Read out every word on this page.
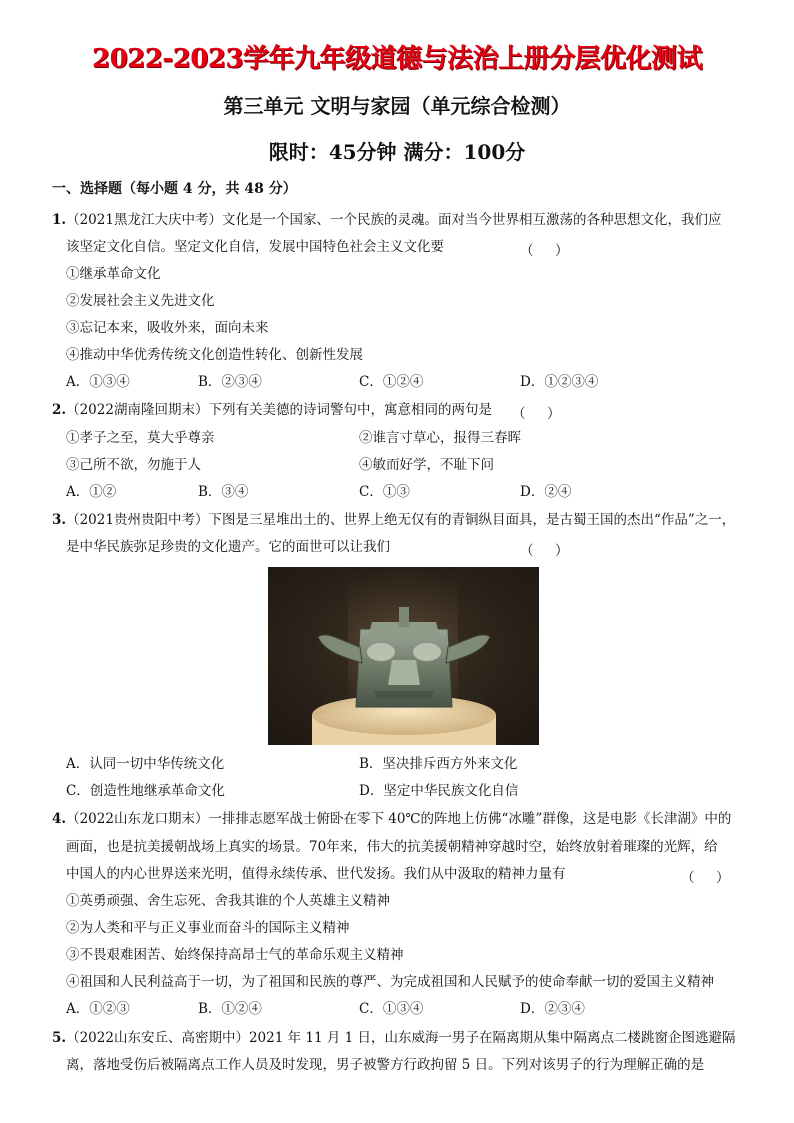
2022-2023学年九年级道德与法治上册分层优化测试
第三单元 文明与家园（单元综合检测）
限时：45分钟 满分：100分
一、选择题（每小题 4 分，共 48 分）
1.（2021黑龙江大庆中考）文化是一个国家、一个民族的灵魂。面对当今世界相互激荡的各种思想文化，我们应
该坚定文化自信。坚定文化自信，发展中国特色社会主义文化要	（     ）
①继承革命文化
②发展社会主义先进文化
③忘记本来，吸收外来，面向未来
④推动中华优秀传统文化创造性转化、创新性发展
A．①③④	B．②③④	C．①②④	D．①②③④
2.（2022湖南隆回期末）下列有关美德的诗词警句中，寓意相同的两句是 （     ）
①孝子之至，莫大乎尊亲	②谁言寸草心，报得三春晖
③己所不欲，勿施于人	④敏而好学，不耻下问
A．①②	B．③④	C．①③	D．②④
3.（2021贵州贵阳中考）下图是三星堆出土的、世界上绝无仅有的青铜纵目面具，是古蜀王国的杰出“作品”之一，
是中华民族弥足珍贵的文化遗产。它的面世可以让我们	（     ）
A．认同一切中华传统文化	B．坚决排斥西方外来文化
C．创造性地继承革命文化	D．坚定中华民族文化自信
4.（2022山东龙口期末）一排排志愿军战士俯卧在零下 40℃的阵地上仿佛“冰雕”群像，这是电影《长津湖》中的
画面，也是抗美援朝战场上真实的场景。70年来，伟大的抗美援朝精神穿越时空，始终放射着璀璨的光辉，给
中国人的内心世界送来光明，值得永续传承、世代发扬。我们从中汲取的精神力量有	（     ）
①英勇顽强、舍生忘死、舍我其谁的个人英雄主义精神
②为人类和平与正义事业而奋斗的国际主义精神
③不畏艰难困苦、始终保持高昂士气的革命乐观主义精神
④祖国和人民利益高于一切，为了祖国和民族的尊严、为完成祖国和人民赋予的使命奉献一切的爱国主义精神
A．①②③	B．①②④	C．①③④	D．②③④
5.（2022山东安丘、高密期中）2021 年 11 月 1 日，山东威海一男子在隔离期从集中隔离点二楼跳窗企图逃避隔
离，落地受伤后被隔离点工作人员及时发现，男子被警方行政拘留 5 日。下列对该男子的行为理解正确的是
